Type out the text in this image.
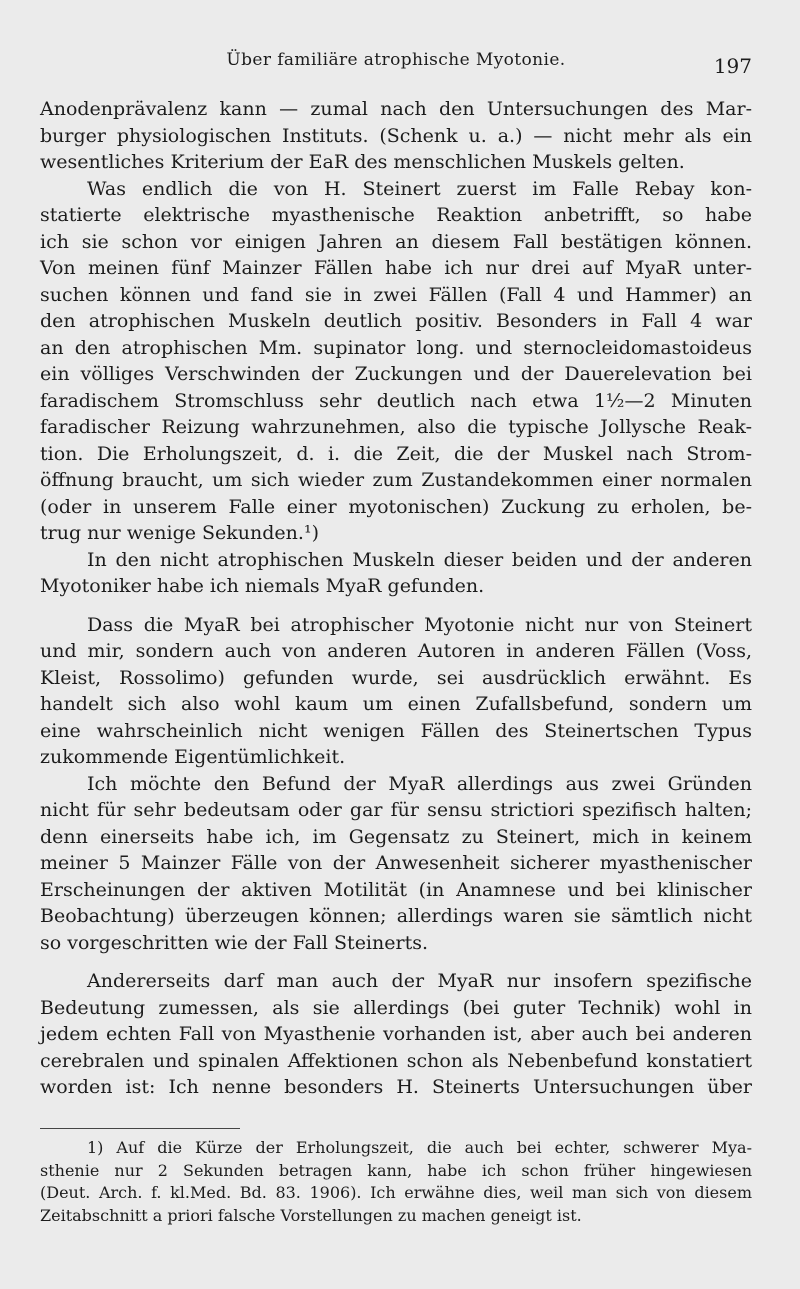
Über familiäre atrophische Myotonie.	197

Anodenprävalenz kann — zumal nach den Untersuchungen des Mar-

burger physiologischen Instituts. (Schenk u. a.) — nicht mehr als ein

wesentliches Kriterium der EaR des menschlichen Muskels gelten.

Was endlich die von H. Steinert zuerst im Falle Rebay kon-

statierte elektrische myasthenische Reaktion anbetrifft, so habe

ich sie schon vor einigen Jahren an diesem Fall bestätigen können.

Von meinen fünf Mainzer Fällen habe ich nur drei auf MyaR unter-

suchen können und fand sie in zwei Fällen (Fall 4 und Hammer) an

den atrophischen Muskeln deutlich positiv. Besonders in Fall 4 war

an den atrophischen Mm. supinator long. und sternocleidomastoideus

ein völliges Verschwinden der Zuckungen und der Dauerelevation bei

faradischem Stromschluss sehr deutlich nach etwa 1½—2 Minuten

faradischer Reizung wahrzunehmen, also die typische Jollysche Reak-

tion. Die Erholungszeit, d. i. die Zeit, die der Muskel nach Strom-

öffnung braucht, um sich wieder zum Zustandekommen einer normalen

(oder in unserem Falle einer myotonischen) Zuckung zu erholen, be-

trug nur wenige Sekunden.¹)

In den nicht atrophischen Muskeln dieser beiden und der anderen

Myotoniker habe ich niemals MyaR gefunden.

Dass die MyaR bei atrophischer Myotonie nicht nur von Steinert

und mir, sondern auch von anderen Autoren in anderen Fällen (Voss,

Kleist, Rossolimo) gefunden wurde, sei ausdrücklich erwähnt. Es

handelt sich also wohl kaum um einen Zufallsbefund, sondern um

eine wahrscheinlich nicht wenigen Fällen des Steinertschen Typus

zukommende Eigentümlichkeit.

Ich möchte den Befund der MyaR allerdings aus zwei Gründen

nicht für sehr bedeutsam oder gar für sensu strictiori spezifisch halten;

denn einerseits habe ich, im Gegensatz zu Steinert, mich in keinem

meiner 5 Mainzer Fälle von der Anwesenheit sicherer myasthenischer

Erscheinungen der aktiven Motilität (in Anamnese und bei klinischer

Beobachtung) überzeugen können; allerdings waren sie sämtlich nicht

so vorgeschritten wie der Fall Steinerts.

Andererseits darf man auch der MyaR nur insofern spezifische

Bedeutung zumessen, als sie allerdings (bei guter Technik) wohl in

jedem echten Fall von Myasthenie vorhanden ist, aber auch bei anderen

cerebralen und spinalen Affektionen schon als Nebenbefund konstatiert

worden ist: Ich nenne besonders H. Steinerts Untersuchungen über

1) Auf die Kürze der Erholungszeit, die auch bei echter, schwerer Mya-

sthenie nur 2 Sekunden betragen kann, habe ich schon früher hingewiesen

(Deut. Arch. f. kl.Med. Bd. 83. 1906). Ich erwähne dies, weil man sich von diesem

Zeitabschnitt a priori falsche Vorstellungen zu machen geneigt ist.
